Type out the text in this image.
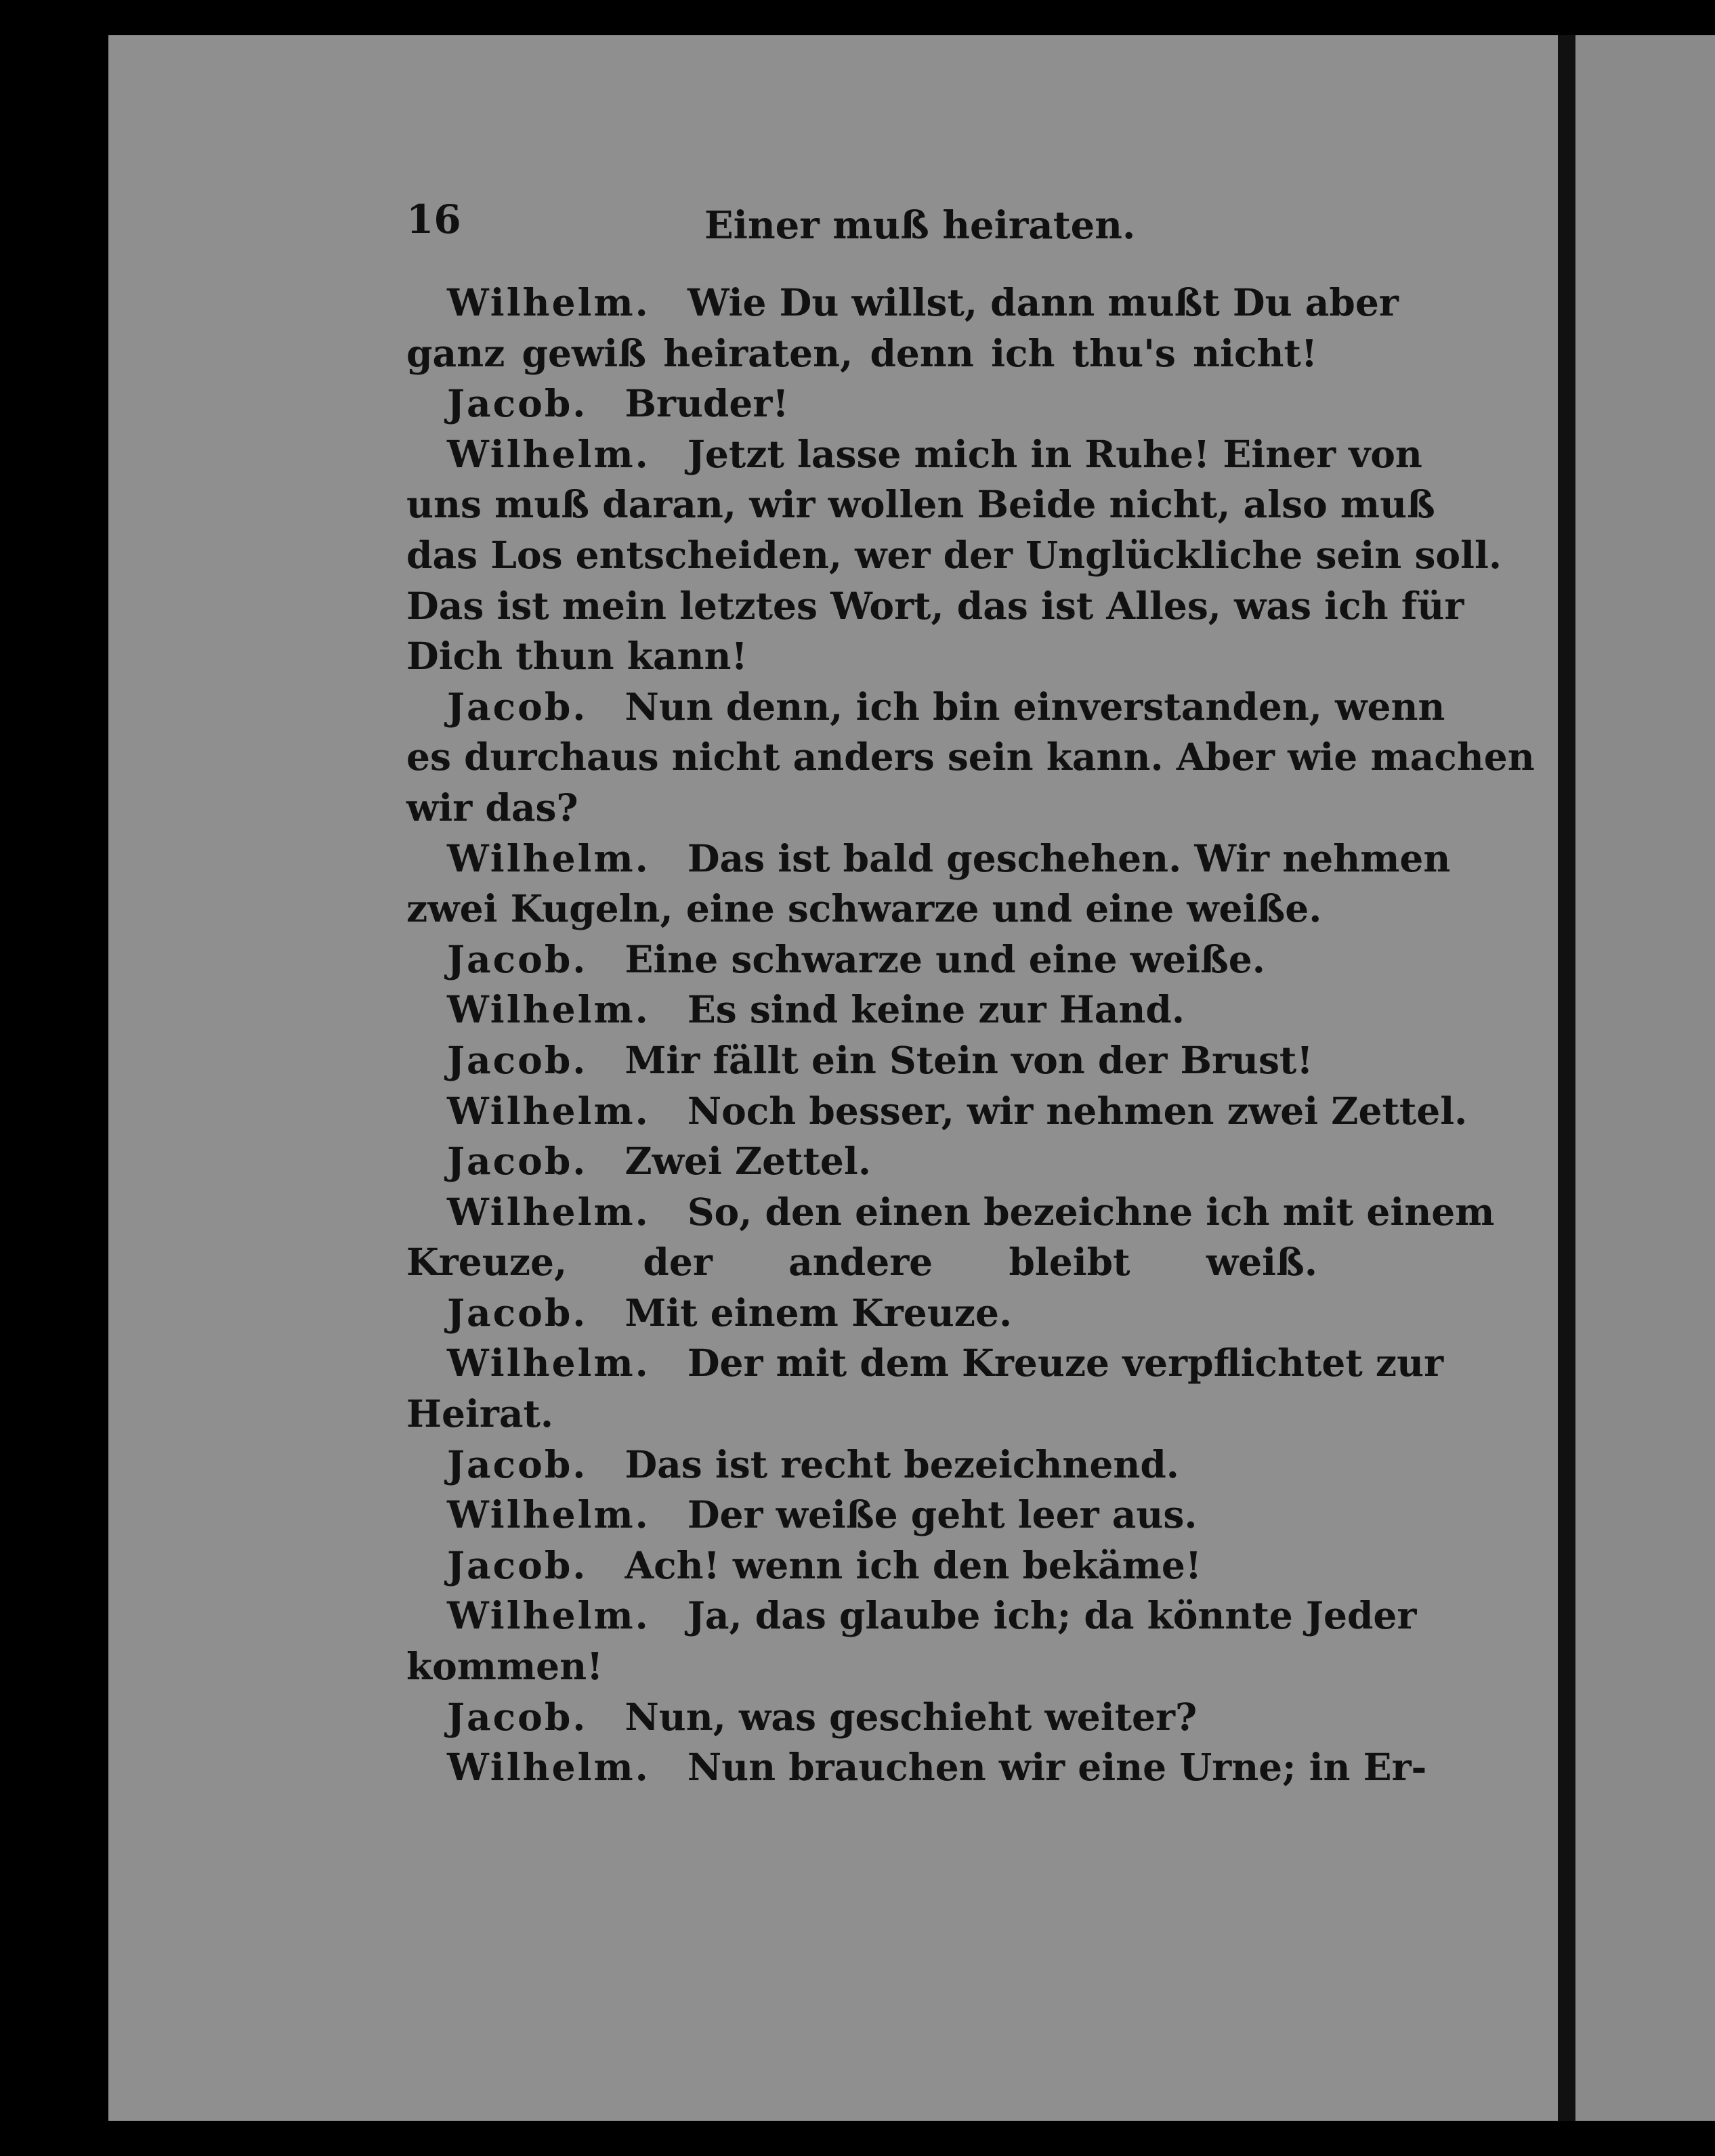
16	Einer muß heiraten.
Wilhelm.  Wie Du willst, dann mußt Du aber
ganz gewiß heiraten, denn ich thu's nicht!
Jacob.  Bruder!
Wilhelm.  Jetzt lasse mich in Ruhe! Einer von
uns muß daran, wir wollen Beide nicht, also muß
das Los entscheiden, wer der Unglückliche sein soll.
Das ist mein letztes Wort, das ist Alles, was ich für
Dich thun kann!
Jacob.  Nun denn, ich bin einverstanden, wenn
es durchaus nicht anders sein kann. Aber wie machen
wir das?
Wilhelm.  Das ist bald geschehen. Wir nehmen
zwei Kugeln, eine schwarze und eine weiße.
Jacob.  Eine schwarze und eine weiße.
Wilhelm.  Es sind keine zur Hand.
Jacob.  Mir fällt ein Stein von der Brust!
Wilhelm.  Noch besser, wir nehmen zwei Zettel.
Jacob.  Zwei Zettel.
Wilhelm.  So, den einen bezeichne ich mit einem
Kreuze, der andere bleibt weiß.
Jacob.  Mit einem Kreuze.
Wilhelm.  Der mit dem Kreuze verpflichtet zur
Heirat.
Jacob.  Das ist recht bezeichnend.
Wilhelm.  Der weiße geht leer aus.
Jacob.  Ach! wenn ich den bekäme!
Wilhelm.  Ja, das glaube ich; da könnte Jeder
kommen!
Jacob.  Nun, was geschieht weiter?
Wilhelm.  Nun brauchen wir eine Urne; in Er-
